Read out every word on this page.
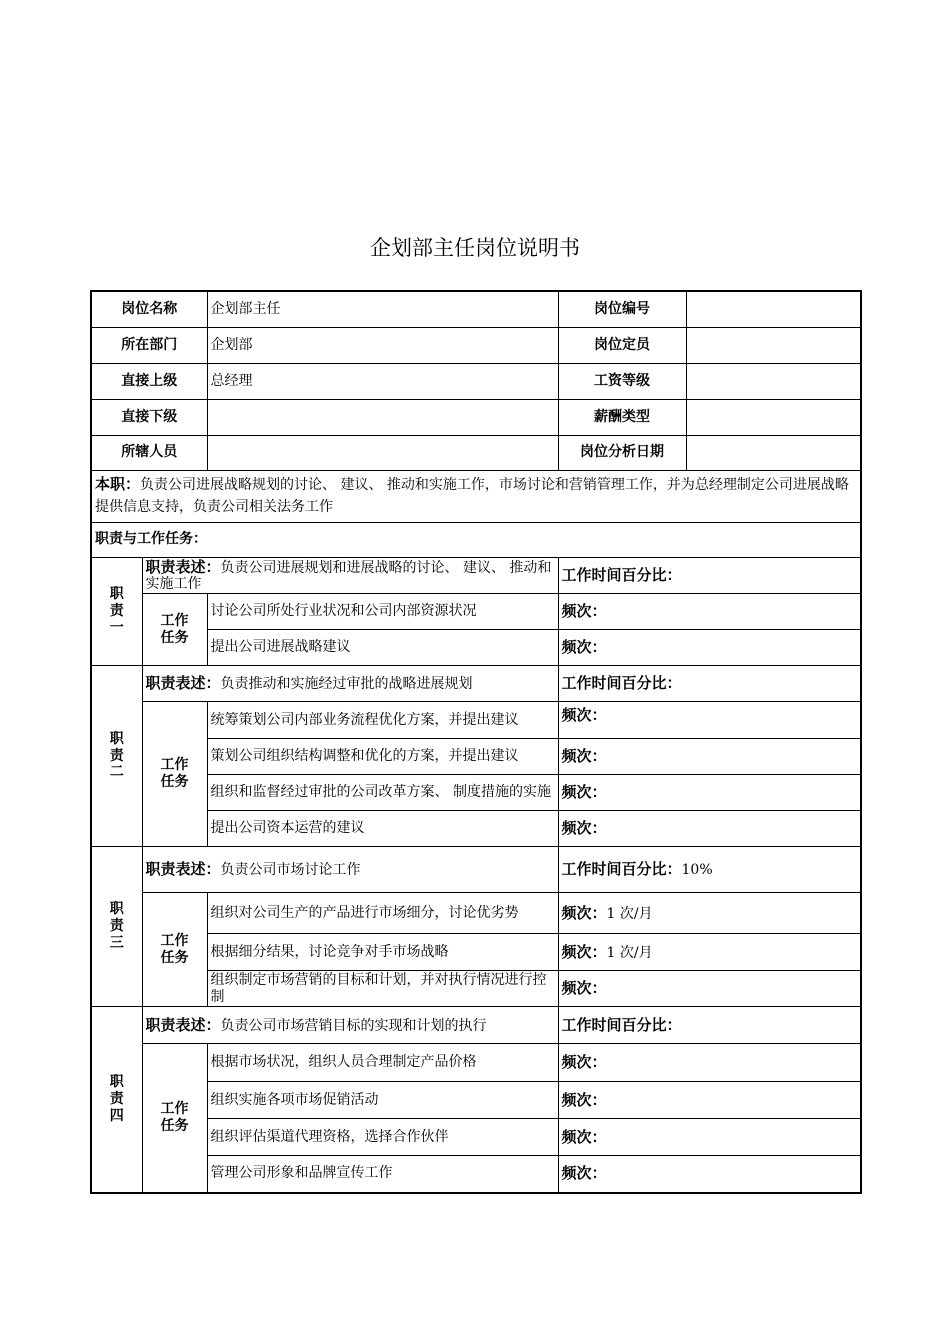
企划部主任岗位说明书
岗位名称		企划部主任	岗位编号	
所在部门		企划部	岗位定员	
直接上级		总经理	工资等级	
直接下级			薪酬类型	
所辖人员			岗位分析日期	
本职：负责公司进展战略规划的讨论、 建议、 推动和实施工作，市场讨论和营销管理工作，并为总经理制定公司进展战略提供信息支持，负责公司相关法务工作				
职责与工作任务：				
职责一	职责表述：负责公司进展规划和进展战略的讨论、 建议、 推动和实施工作		工作时间百分比：	
	工作任务	讨论公司所处行业状况和公司内部资源状况	频次：	
		提出公司进展战略建议	频次：	
职责二	职责表述：负责推动和实施经过审批的战略进展规划		工作时间百分比：	
	工作任务	统筹策划公司内部业务流程优化方案，并提出建议	频次：	
		策划公司组织结构调整和优化的方案，并提出建议	频次：	
		组织和监督经过审批的公司改革方案、 制度措施的实施	频次：	
		提出公司资本运营的建议	频次：	
职责三	职责表述：负责公司市场讨论工作		工作时间百分比：10%	
	工作任务	组织对公司生产的产品进行市场细分，讨论优劣势	频次：1 次/月	
		根据细分结果，讨论竞争对手市场战略	频次：1 次/月	
		组织制定市场营销的目标和计划，并对执行情况进行控制	频次：	
职责四	职责表述：负责公司市场营销目标的实现和计划的执行		工作时间百分比：	
	工作任务	根据市场状况，组织人员合理制定产品价格	频次：	
		组织实施各项市场促销活动	频次：	
		组织评估渠道代理资格，选择合作伙伴	频次：	
		管理公司形象和品牌宣传工作	频次：	
